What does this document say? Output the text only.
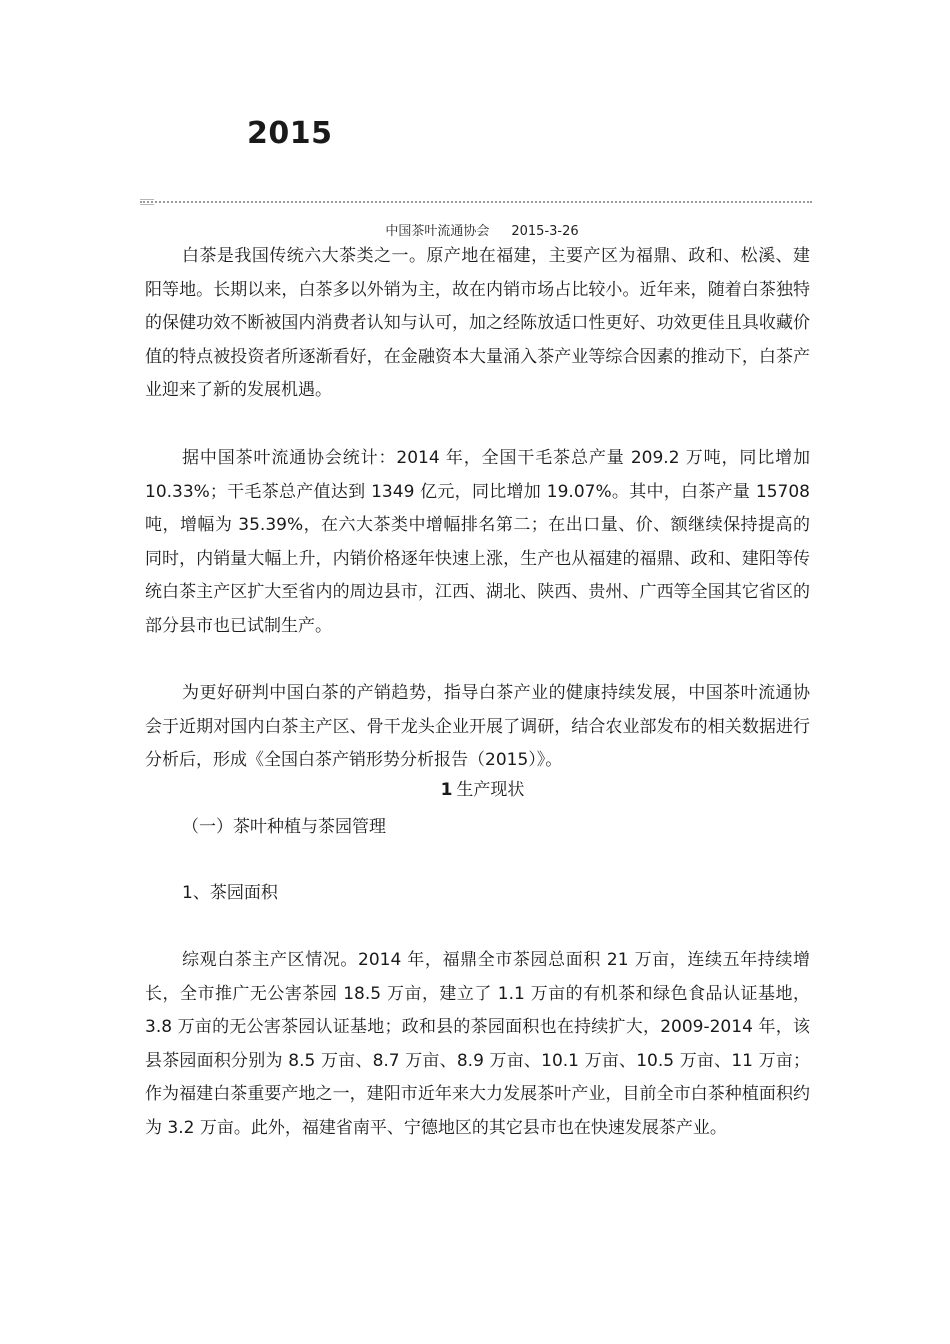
2015
中国茶叶流通协会 2015-3-26

白茶是我国传统六大茶类之一。原产地在福建，主要产区为福鼎、政和、松溪、建阳等地。长期以来，白茶多以外销为主，故在内销市场占比较小。近年来，随着白茶独特的保健功效不断被国内消费者认知与认可，加之经陈放适口性更好、功效更佳且具收藏价值的特点被投资者所逐渐看好，在金融资本大量涌入茶产业等综合因素的推动下，白茶产业迎来了新的发展机遇。

据中国茶叶流通协会统计：2014 年，全国干毛茶总产量 209.2 万吨，同比增加 10.33%；干毛茶总产值达到 1349 亿元，同比增加 19.07%。其中，白茶产量 15708 吨，增幅为 35.39%，在六大茶类中增幅排名第二；在出口量、价、额继续保持提高的同时，内销量大幅上升，内销价格逐年快速上涨，生产也从福建的福鼎、政和、建阳等传统白茶主产区扩大至省内的周边县市，江西、湖北、陕西、贵州、广西等全国其它省区的部分县市也已试制生产。

为更好研判中国白茶的产销趋势，指导白茶产业的健康持续发展，中国茶叶流通协会于近期对国内白茶主产区、骨干龙头企业开展了调研，结合农业部发布的相关数据进行分析后，形成《全国白茶产销形势分析报告（2015）》。

1 生产现状
（一）茶叶种植与茶园管理
1、茶园面积

综观白茶主产区情况。2014 年，福鼎全市茶园总面积 21 万亩，连续五年持续增长，全市推广无公害茶园 18.5 万亩，建立了 1.1 万亩的有机茶和绿色食品认证基地，3.8 万亩的无公害茶园认证基地；政和县的茶园面积也在持续扩大，2009-2014 年，该县茶园面积分别为 8.5 万亩、8.7 万亩、8.9 万亩、10.1 万亩、10.5 万亩、11 万亩；作为福建白茶重要产地之一，建阳市近年来大力发展茶叶产业，目前全市白茶种植面积约为 3.2 万亩。此外，福建省南平、宁德地区的其它县市也在快速发展茶产业。
